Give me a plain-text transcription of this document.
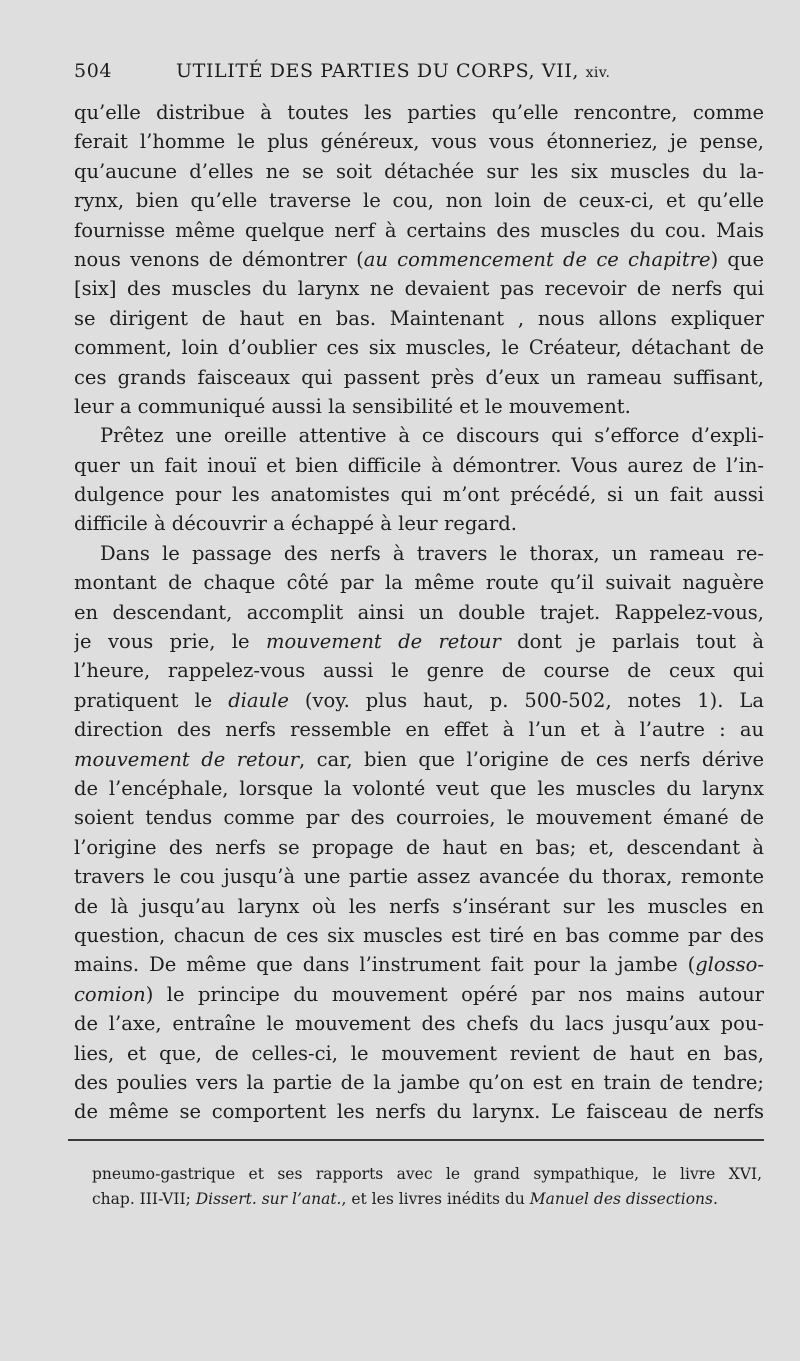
504	UTILITÉ DES PARTIES DU CORPS, VII, xiv.
qu’elle distribue à toutes les parties qu’elle rencontre, comme
ferait l’homme le plus généreux, vous vous étonneriez, je pense,
qu’aucune d’elles ne se soit détachée sur les six muscles du la-
rynx, bien qu’elle traverse le cou, non loin de ceux-ci, et qu’elle
fournisse même quelque nerf à certains des muscles du cou. Mais
nous venons de démontrer (au commencement de ce chapitre) que
[six] des muscles du larynx ne devaient pas recevoir de nerfs qui
se dirigent de haut en bas. Maintenant , nous allons expliquer
comment, loin d’oublier ces six muscles, le Créateur, détachant de
ces grands faisceaux qui passent près d’eux un rameau suffisant,
leur a communiqué aussi la sensibilité et le mouvement.
Prêtez une oreille attentive à ce discours qui s’efforce d’expli-
quer un fait inouï et bien difficile à démontrer. Vous aurez de l’in-
dulgence pour les anatomistes qui m’ont précédé, si un fait aussi
difficile à découvrir a échappé à leur regard.
Dans le passage des nerfs à travers le thorax, un rameau re-
montant de chaque côté par la même route qu’il suivait naguère
en descendant, accomplit ainsi un double trajet. Rappelez-vous,
je vous prie, le mouvement de retour dont je parlais tout à
l’heure, rappelez-vous aussi le genre de course de ceux qui
pratiquent le diaule (voy. plus haut, p. 500-502, notes 1). La
direction des nerfs ressemble en effet à l’un et à l’autre : au
mouvement de retour, car, bien que l’origine de ces nerfs dérive
de l’encéphale, lorsque la volonté veut que les muscles du larynx
soient tendus comme par des courroies, le mouvement émané de
l’origine des nerfs se propage de haut en bas; et, descendant à
travers le cou jusqu’à une partie assez avancée du thorax, remonte
de là jusqu’au larynx où les nerfs s’insérant sur les muscles en
question, chacun de ces six muscles est tiré en bas comme par des
mains. De même que dans l’instrument fait pour la jambe (glosso-
comion) le principe du mouvement opéré par nos mains autour
de l’axe, entraîne le mouvement des chefs du lacs jusqu’aux pou-
lies, et que, de celles-ci, le mouvement revient de haut en bas,
des poulies vers la partie de la jambe qu’on est en train de tendre;
de même se comportent les nerfs du larynx. Le faisceau de nerfs
pneumo-gastrique et ses rapports avec le grand sympathique, le livre XVI,
chap. III-VII; Dissert. sur l’anat., et les livres inédits du Manuel des dissections.
